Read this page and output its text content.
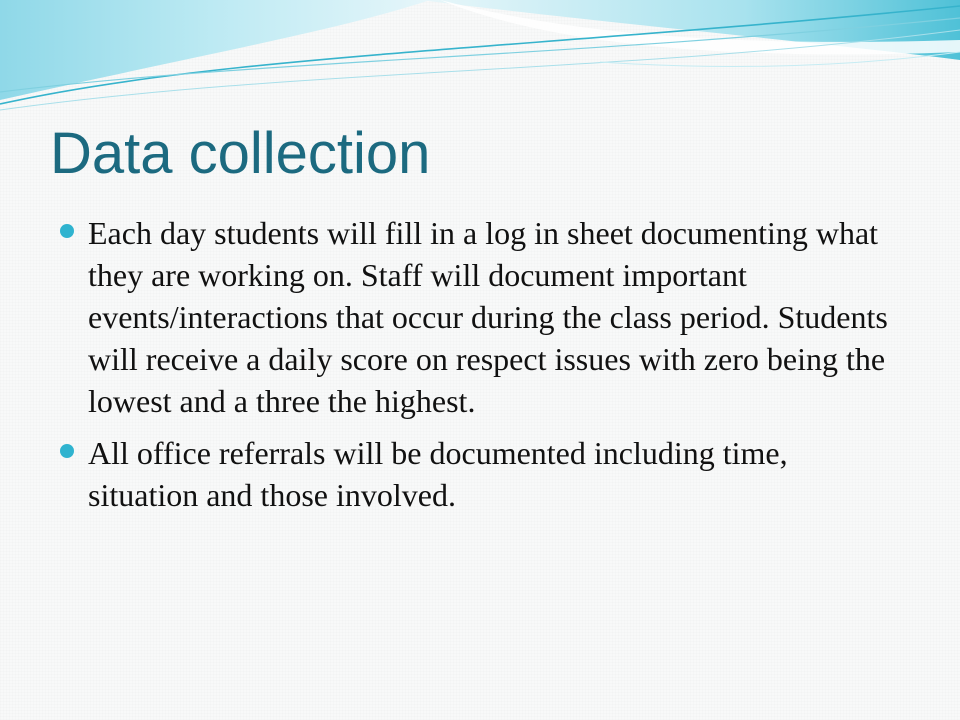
Data collection
Each day students will fill in a log in sheet documenting what they are working on. Staff will document important events/interactions that occur during the class period. Students will receive a daily score on respect issues with zero being the lowest and a three the highest.
All office referrals will be documented including time, situation and those involved.
